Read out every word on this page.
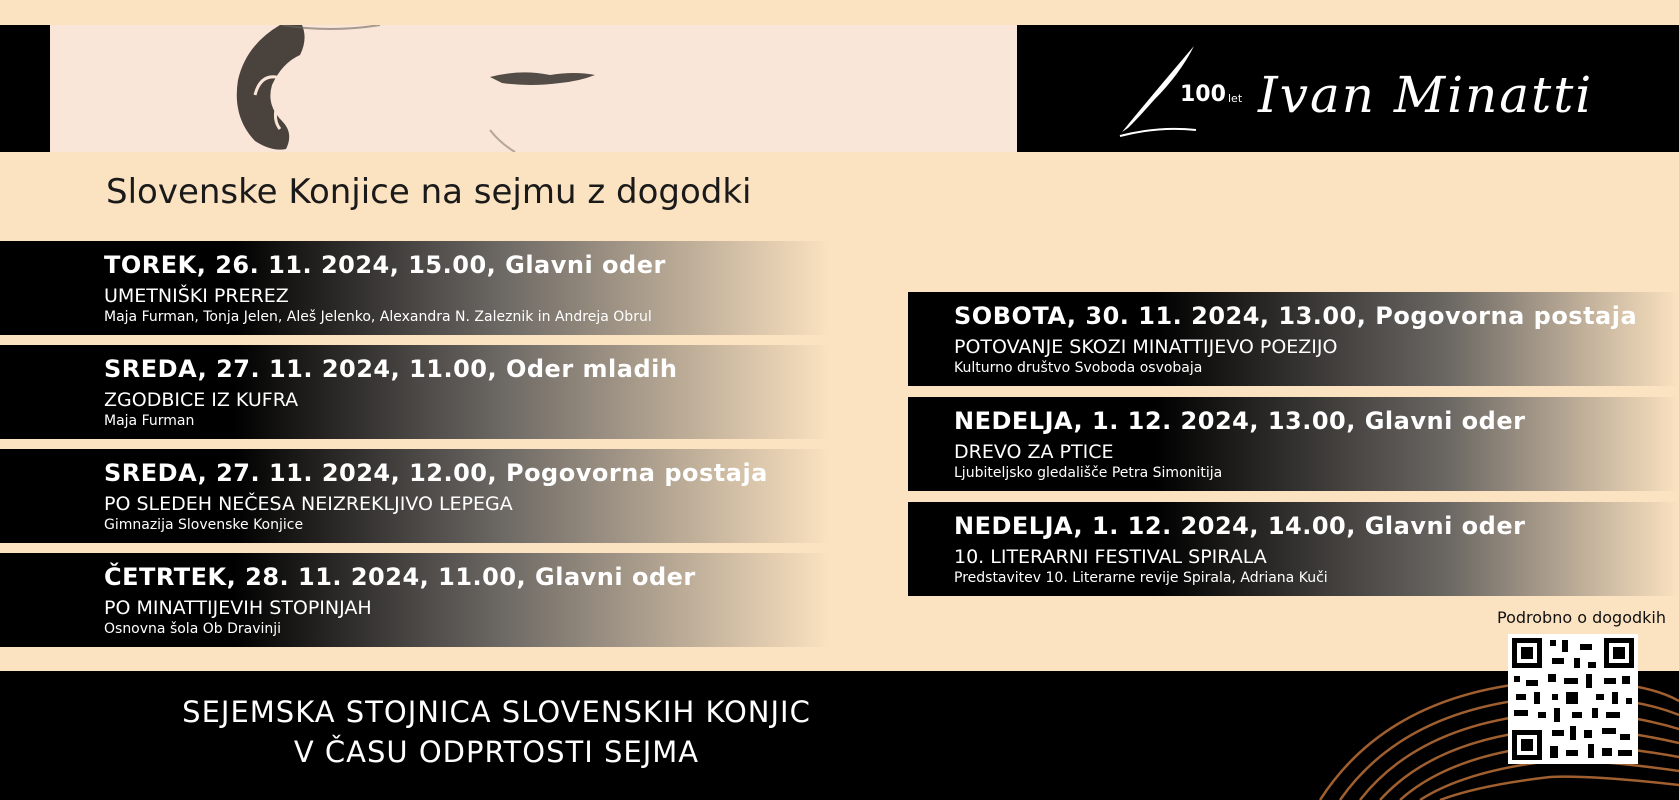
100 let Ivan Minatti
Slovenske Konjice na sejmu z dogodki
TOREK, 26. 11. 2024, 15.00, Glavni oder
UMETNIŠKI PREREZ
Maja Furman, Tonja Jelen, Aleš Jelenko, Alexandra N. Zaleznik in Andreja Obrul
SREDA, 27. 11. 2024, 11.00, Oder mladih
ZGODBICE IZ KUFRA
Maja Furman
SREDA, 27. 11. 2024, 12.00, Pogovorna postaja
PO SLEDEH NEČESA NEIZREKLJIVO LEPEGA
Gimnazija Slovenske Konjice
ČETRTEK, 28. 11. 2024, 11.00, Glavni oder
PO MINATTIJEVIH STOPINJAH
Osnovna šola Ob Dravinji
SOBOTA, 30. 11. 2024, 13.00, Pogovorna postaja
POTOVANJE SKOZI MINATTIJEVO POEZIJO
Kulturno društvo Svoboda osvobaja
NEDELJA, 1. 12. 2024, 13.00, Glavni oder
DREVO ZA PTICE
Ljubiteljsko gledališče Petra Simonitija
NEDELJA, 1. 12. 2024, 14.00, Glavni oder
10. LITERARNI FESTIVAL SPIRALA
Predstavitev 10. Literarne revije Spirala, Adriana Kuči
SEJEMSKA STOJNICA SLOVENSKIH KONJIC
V ČASU ODPRTOSTI SEJMA
Podrobno o dogodkih
